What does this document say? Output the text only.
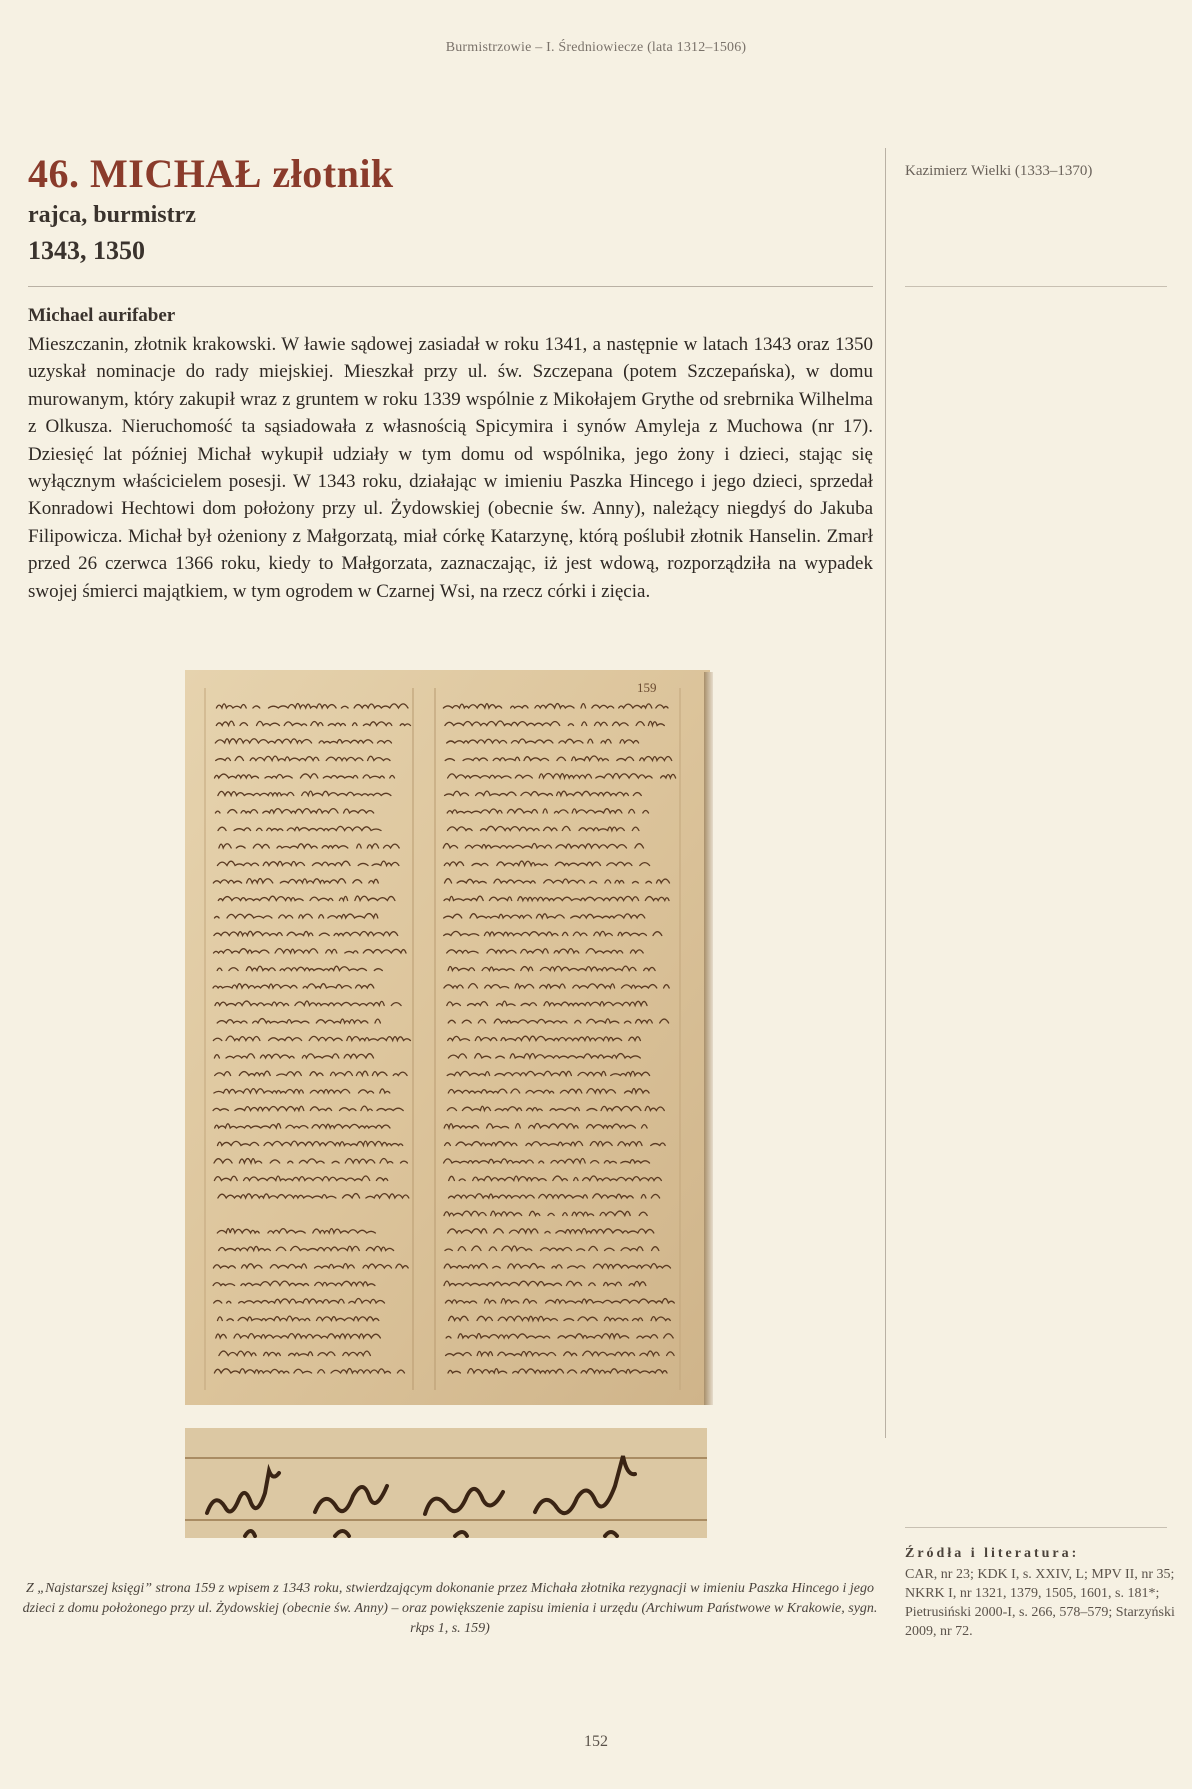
Burmistrzowie – I. Średniowiecze (lata 1312–1506)
46. MICHAŁ złotnik
rajca, burmistrz
1343, 1350
Michael aurifaber

Mieszczanin, złotnik krakowski. W ławie sądowej zasiadał w roku 1341, a następnie w latach 1343 oraz 1350 uzyskał nominacje do rady miejskiej. Mieszkał przy ul. św. Szczepana (potem Szczepańska), w domu murowanym, który zakupił wraz z gruntem w roku 1339 wspólnie z Mikołajem Grythe od srebrnika Wilhelma z Olkusza. Nieruchomość ta sąsiadowała z własnością Spicymira i synów Amyleja z Muchowa (nr 17). Dziesięć lat później Michał wykupił udziały w tym domu od wspólnika, jego żony i dzieci, stając się wyłącznym właścicielem posesji. W 1343 roku, działając w imieniu Paszka Hincego i jego dzieci, sprzedał Konradowi Hechtowi dom położony przy ul. Żydowskiej (obecnie św. Anny), należący niegdyś do Jakuba Filipowicza. Michał był ożeniony z Małgorzatą, miał córkę Katarzynę, którą poślubił złotnik Hanselin. Zmarł przed 26 czerwca 1366 roku, kiedy to Małgorzata, zaznaczając, iż jest wdową, rozporządziła na wypadek swojej śmierci majątkiem, w tym ogrodem w Czarnej Wsi, na rzecz córki i zięcia.

Kazimierz Wielki (1333–1370)
159

Z „Najstarszej księgi” strona 159 z wpisem z 1343 roku, stwierdzającym dokonanie przez Michała złotnika rezygnacji w imieniu Paszka Hincego i jego dzieci z domu położonego przy ul. Żydowskiej (obecnie św. Anny) – oraz powiększenie zapisu imienia i urzędu (Archiwum Państwowe w Krakowie, sygn. rkps 1, s. 159)

Źródła i literatura:
CAR, nr 23; KDK I, s. XXIV, L; MPV II, nr 35; NKRK I, nr 1321, 1379, 1505, 1601, s. 181*; Pietrusiński 2000-I, s. 266, 578–579; Starzyński 2009, nr 72.
152
